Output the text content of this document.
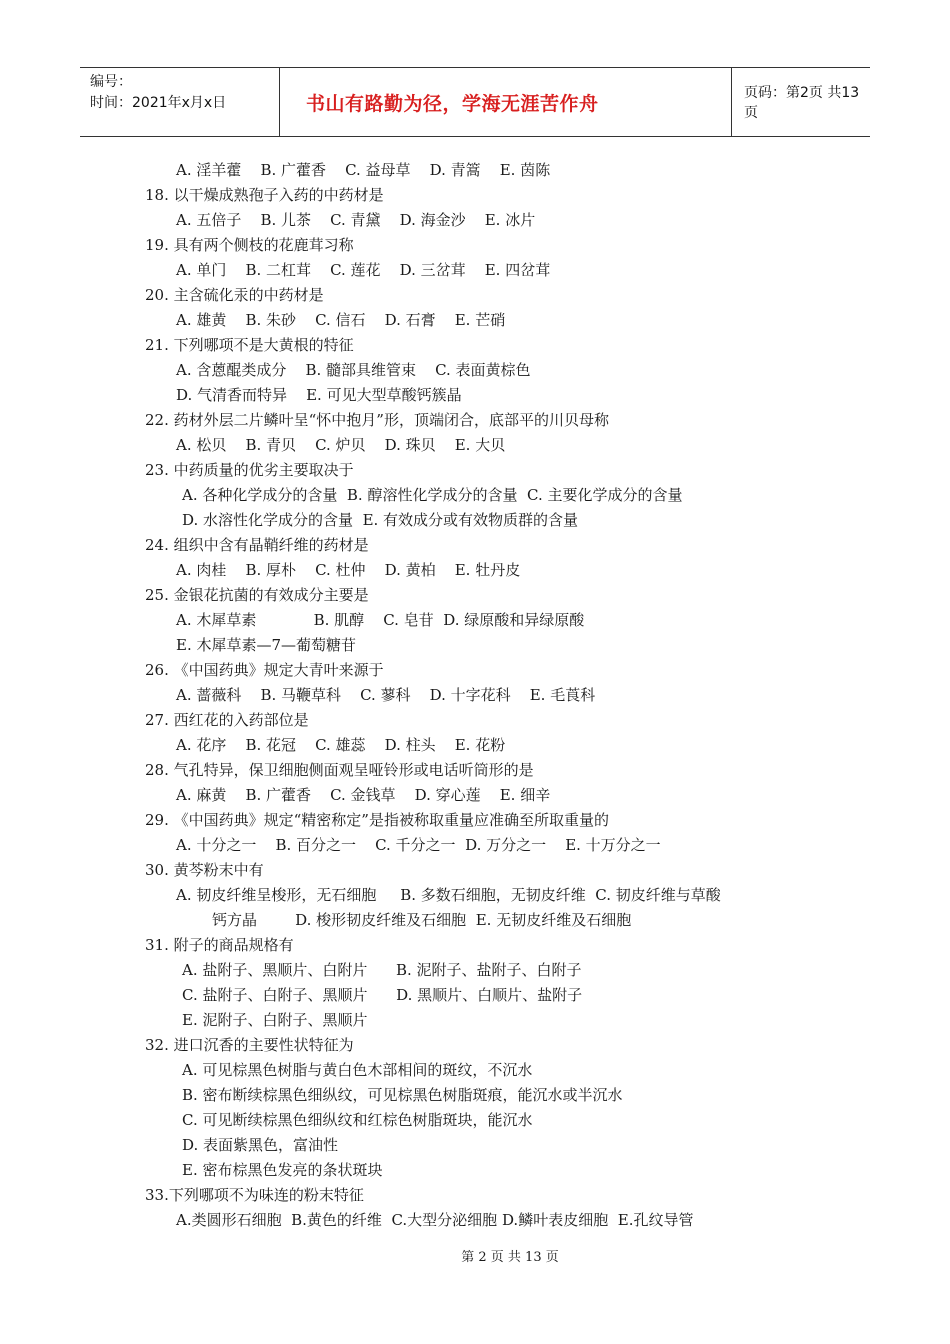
编号：
时间：2021年x月x日	书山有路勤为径，学海无涯苦作舟	页码：第2页 共13页
A. 淫羊藿    B. 广藿香    C. 益母草    D. 青篙    E. 茵陈
18. 以干燥成熟孢子入药的中药材是
A. 五倍子    B. 儿茶    C. 青黛    D. 海金沙    E. 冰片
19. 具有两个侧枝的花鹿茸习称
A. 单门    B. 二杠茸    C. 莲花    D. 三岔茸    E. 四岔茸
20. 主含硫化汞的中药材是
A. 雄黄    B. 朱砂    C. 信石    D. 石膏    E. 芒硝
21. 下列哪项不是大黄根的特征
A. 含蒽醌类成分    B. 髓部具维管束    C. 表面黄棕色
D. 气清香而特异    E. 可见大型草酸钙簇晶
22. 药材外层二片鳞叶呈“怀中抱月”形，顶端闭合，底部平的川贝母称
A. 松贝    B. 青贝    C. 炉贝    D. 珠贝    E. 大贝
23. 中药质量的优劣主要取决于
A. 各种化学成分的含量  B. 醇溶性化学成分的含量  C. 主要化学成分的含量
D. 水溶性化学成分的含量  E. 有效成分或有效物质群的含量
24. 组织中含有晶鞘纤维的药材是
A. 肉桂    B. 厚朴    C. 杜仲    D. 黄柏    E. 牡丹皮
25. 金银花抗菌的有效成分主要是
A. 木犀草素            B. 肌醇    C. 皂苷  D. 绿原酸和异绿原酸
E. 木犀草素—7—葡萄糖苷
26. 《中国药典》规定大青叶来源于
A. 蔷薇科    B. 马鞭草科    C. 蓼科    D. 十字花科    E. 毛莨科
27. 西红花的入药部位是
A. 花序    B. 花冠    C. 雄蕊    D. 柱头    E. 花粉
28. 气孔特异，保卫细胞侧面观呈哑铃形或电话听筒形的是
A. 麻黄    B. 广藿香    C. 金钱草    D. 穿心莲    E. 细辛
29. 《中国药典》规定“精密称定”是指被称取重量应准确至所取重量的
A. 十分之一    B. 百分之一    C. 千分之一  D. 万分之一    E. 十万分之一
30. 黄芩粉末中有
A. 韧皮纤维呈梭形，无石细胞     B. 多数石细胞，无韧皮纤维  C. 韧皮纤维与草酸
钙方晶        D. 梭形韧皮纤维及石细胞  E. 无韧皮纤维及石细胞
31. 附子的商品规格有
A. 盐附子、黑顺片、白附片      B. 泥附子、盐附子、白附子
C. 盐附子、白附子、黑顺片      D. 黑顺片、白顺片、盐附子
E. 泥附子、白附子、黑顺片
32. 进口沉香的主要性状特征为
A. 可见棕黑色树脂与黄白色木部相间的斑纹，不沉水
B. 密布断续棕黑色细纵纹，可见棕黑色树脂斑痕，能沉水或半沉水
C. 可见断续棕黑色细纵纹和红棕色树脂斑块，能沉水
D. 表面紫黑色，富油性
E. 密布棕黑色发亮的条状斑块
33.下列哪项不为味连的粉末特征
A.类圆形石细胞  B.黄色的纤维  C.大型分泌细胞 D.鳞叶表皮细胞  E.孔纹导管
第 2 页 共 13 页
